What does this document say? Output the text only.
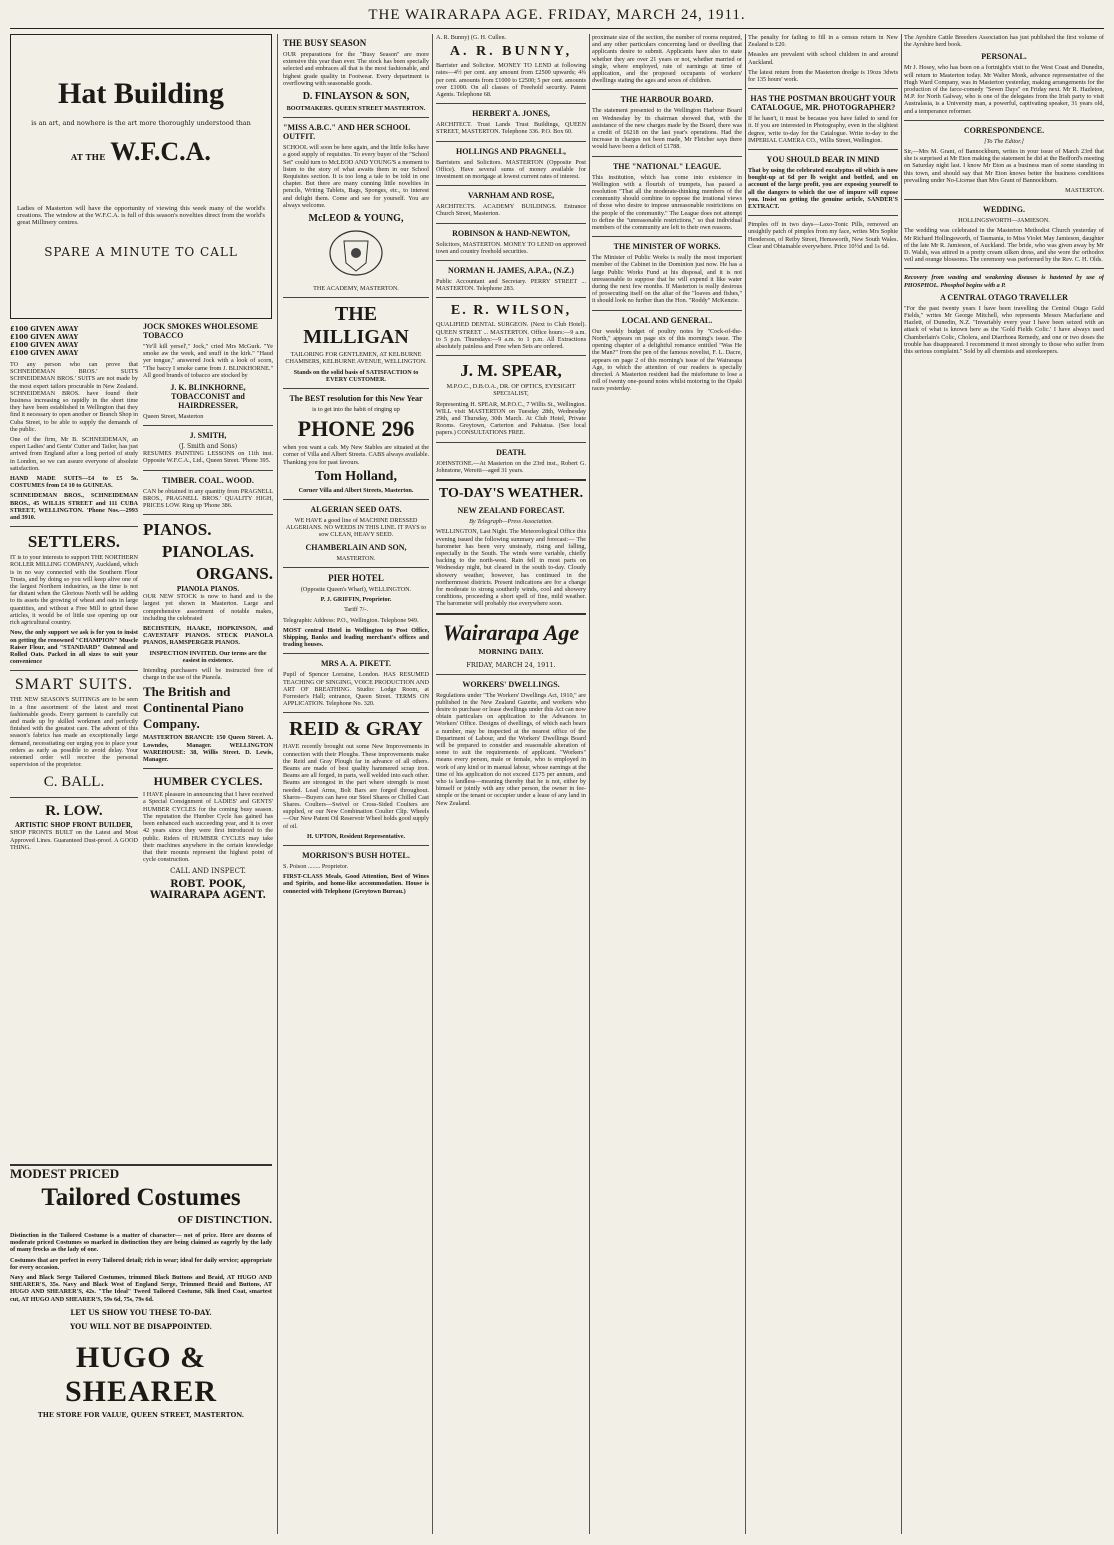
THE WAIRARAPA AGE. FRIDAY, MARCH 24, 1911.
Hat Building
is an art, and nowhere is the art more thoroughly understood than
AT THE W.F.C.A.

Ladies of Masterton will have the opportunity of viewing this week many of the world's creations. The window at the W.F.C.A. is full of this season's novelties direct from the world's great Millinery centres.

SPARE A MINUTE TO CALL
£100 GIVEN AWAY
£100 GIVEN AWAY
£100 GIVEN AWAY
£100 GIVEN AWAY

TO any person who can prove that SCHNEIDEMAN BROS.' SUITS SCHNEIDEMAN BROS.' SUITS are not made by the most expert tailors procurable in New Zealand. SCHNEIDEMAN BROS. have found their business increasing so rapidly in the short time they have been established in Wellington that they find it necessary to open another or Branch Shop in Cuba Street, to be able to supply the demands of the public.

One of the firm, Mr B. SCHNEIDEMAN, an expert Ladies' and Gents' Cutter and Tailor, has just arrived from England after a long period of study in London, so we can assure everyone of absolute satisfaction.

HAND MADE SUITS—£4 to £5 5s. COSTUMES from £4 10 to GUINEAS.

SCHNEIDEMAN BROS., SCHNEIDEMAN BROS., 45 WILLIS STREET and 111 CUBA STREET, WELLINGTON. 'Phone Nos.—2993 and 3910.

SETTLERS.

IT is to your interests to support THE NORTHERN ROLLER MILLING COMPANY, Auckland, which is in no way connected with the Southern Flour Trusts, and by doing so you will keep alive one of the largest Northern industries, as the time is not far distant when the Glorious North will be adding to its assets the growing of wheat and oats in large quantities, and without a Free Mill to grind these articles, it would be of little use opening up our rich agricultural country.

Now, the only support we ask is for you to insist on getting the renowned "CHAMPION" Muscle Raiser Flour, and "STANDARD" Oatmeal and Rolled Oats. Packed in all sizes to suit your convenience

SMART SUITS.

THE NEW SEASON'S SUITINGS are to be seen in a fine assortment of the latest and most fashionable goods. Every garment is carefully cut and made up by skilled workmen and perfectly finished with the greatest care. The advent of this season's fabrics has made an exceptionally large demand, necessitating our urging you to place your orders as early as possible to avoid delay. Your esteemed order will receive the personal supervision of the proprietor.

C. BALL.
R. LOW.
ARTISTIC SHOP FRONT BUILDER,

SHOP FRONTS BUILT on the Latest and Most Approved Lines. Guaranteed Dust-proof. A GOOD THING.

MODEST PRICED
Tailored Costumes
OF DISTINCTION.

Distinction in the Tailored Costume is a matter of character— not of price. Here are dozens of moderate priced Costumes so marked in distinction they are being claimed as eagerly by the lady of many frocks as the lady of one.

Costumes that are perfect in every Tailored detail; rich in wear; ideal for daily service; appropriate for every occasion.

Navy and Black Serge Tailored Costumes, trimmed Black Buttons and Braid, AT HUGO AND SHEARER'S, 35s. Navy and Black West of England Serge, Trimmed Braid and Buttons, AT HUGO AND SHEARER'S, 42s. "The Ideal" Tweed Tailored Costume, Silk lined Coat, smartest cut, AT HUGO AND SHEARER'S, 59s 6d, 75s, 79s 6d.

LET US SHOW YOU THESE TO-DAY.
YOU WILL NOT BE DISAPPOINTED.
HUGO & SHEARER
THE STORE FOR VALUE, QUEEN STREET, MASTERTON.
JOCK SMOKES WHOLESOME TOBACCO

"Ye'll kill yersel'," Jock," cried Mrs McGurk. "Ye smoke aw the week, and snuff in the kirk." "Haud yer tongue," answered Jock with a look of scorn, "The baccy I smoke came from J. BLINKHORNE." All good brands of tobacco are stocked by

J. K. BLINKHORNE, TOBACCONIST and HAIRDRESSER,

Queen Street, Masterton

J. SMITH,
(J. Smith and Sons)

RESUMES PAINTING LESSONS on 11th inst. Opposite W.F.C.A., Ltd., Queen Street. 'Phone 395.

TIMBER. COAL. WOOD.

CAN be obtained in any quantity from PRAGNELL BROS., PRAGNELL BROS.' QUALITY HIGH, PRICES LOW. Ring up 'Phone 386.

PIANOS.
PIANOLAS.
ORGANS.
PIANOLA PIANOS.

OUR NEW STOCK is now to hand and is the largest yet shown in Masterton. Large and comprehensive assortment of notable makes, including the celebrated

BECHSTEIN, HAAKE, HOPKINSON, and CAVESTAFF PIANOS. STECK PIANOLA PIANOS, RAMSPERGER PIANOS.

INSPECTION INVITED. Our terms are the easiest in existence.

Intending purchasers will be instructed free of charge in the use of the Pianola.

The British and Continental Piano Company.

MASTERTON BRANCH: 150 Queen Street. A. Lowndes, Manager. WELLINGTON WAREHOUSE: 38, Willis Street. D. Lewis, Manager.

HUMBER CYCLES.

I HAVE pleasure in announcing that I have received a Special Consignment of LADIES' and GENTS' HUMBER CYCLES for the coming busy season. The reputation the Humber Cycle has gained has been enhanced each succeeding year, and it is over 42 years since they were first introduced to the public. Riders of HUMBER CYCLES may take their machines anywhere in the certain knowledge that their mounts represent the highest point of cycle construction.

CALL AND INSPECT.
ROBT. POOK, WAIRARAPA AGENT.
THE BUSY SEASON

OUR preparations for the "Busy Season" are more extensive this year than ever. The stock has been specially selected and embraces all that is the most fashionable, and highest grade quality in Footwear. Every department is overflowing with seasonable goods.

D. FINLAYSON & SON,

BOOTMAKERS. QUEEN STREET MASTERTON.

"MISS A.B.C." AND HER SCHOOL OUTFIT.

SCHOOL will soon be here again, and the little folks have a good supply of requisites. To every buyer of the "School Set" could turn to McLEOD AND YOUNG'S a moment to listen to the story of what awaits them in our School Requisites section. It is too long a tale to be told in one chapter. But there are many cunning little novelties in pencils, Writing Tablets, Bags, Sponges, etc., to interest and delight them. Come and see for yourself. You are always welcome.

McLEOD & YOUNG,

THE ACADEMY, MASTERTON.

THE MILLIGAN

TAILORING FOR GENTLEMEN, AT KELBURNE CHAMBERS, KELBURNE AVENUE, WELLINGTON.

Stands on the solid basis of SATISFACTION to EVERY CUSTOMER.

The BEST resolution for this New Year

is to get into the habit of ringing up

PHONE 296

when you want a cab. My New Stables are situated at the corner of Villa and Albert Streets. CABS always available. Thanking you for past favours.

Tom Holland,

Corner Villa and Albert Streets, Masterton.

ALGERIAN SEED OATS.

WE HAVE a good line of MACHINE DRESSED ALGERIANS. NO WEEDS IN THIS LINE. IT PAYS to sow CLEAN, HEAVY SEED.

CHAMBERLAIN AND SON,

MASTERTON.

PIER HOTEL

(Opposite Queen's Wharf), WELLINGTON.

P. J. GRIFFIN, Proprietor.

Tariff 7/-.

Telegraphic Address: P.O., Wellington. Telephone 949.

MOST central Hotel in Wellington to Post Office, Shipping, Banks and leading merchant's offices and trading houses.

MRS A. A. PIKETT.

Pupil of Spencer Lorraine, London. HAS RESUMED TEACHING OF SINGING, VOICE PRODUCTION AND ART OF BREATHING. Studio: Lodge Room, at Forrester's Hall; entrance, Queen Street. TERMS ON APPLICATION. Telephone No. 320.

REID & GRAY

HAVE recently brought out some New Improvements in connection with their Ploughs. These improvements make the Reid and Gray Plough far in advance of all others. Beams are made of best quality hammered scrap iron. Beams are all forged, in parts, well welded into each other. Beams are strongest in the part where strength is most needed. Lead Arms, Bolt Bars are forged throughout. Sharos—Buyers can have our Steel Shares or Chilled Cast Shares. Coulters—Swivel or Cross-Sided Coulters are supplied, or our New Combination Coulter Clip. Wheels—Our New Patent Oil Reservoir Wheel holds good supply of oil.

H. UPTON, Resident Representative.

MORRISON'S BUSH HOTEL.

S. Poison ........ Proprietor.

FIRST-CLASS Meals, Good Attention, Best of Wines and Spirits, and home-like accommodation. House is connected with Telephone (Greytown Bureau.)

A. R. Bunny) (G. H. Cullen.

A. R. BUNNY,

Barrister and Solicitor. MONEY TO LEND at following rates—4½ per cent. any amount from £2500 upwards; 4¾ per cent. amounts from £1000 to £2500; 5 per cent. amounts over £1000. On all classes of Freehold security. Patent Agents. Telephone 68.

HERBERT A. JONES,

ARCHITECT. Trust Lands Trust Buildings, QUEEN STREET, MASTERTON. Telephone 336. P.O. Box 60.

HOLLINGS AND PRAGNELL,

Barristers and Solicitors. MASTERTON (Opposite Post Office). Have several sums of money available for investment on mortgage at lowest current rates of interest.

VARNHAM AND ROSE,

ARCHITECTS. ACADEMY BUILDINGS. Entrance Church Street, Masterton.

ROBINSON & HAND-NEWTON,

Solicitors, MASTERTON. MONEY TO LEND on approved town and country freehold securities.

NORMAN H. JAMES, A.P.A., (N.Z.)

Public Accountant and Secretary. PERRY STREET ... MASTERTON. Telephone 283.

E. R. WILSON,

QUALIFIED DENTAL SURGEON. (Next to Club Hotel). QUEEN STREET ... MASTERTON. Office hours:—9 a.m. to 5 p.m. Thursdays:—9 a.m. to 1 p.m. All Extractions absolutely painless and Free when Sets are ordered.

J. M. SPEAR,

M.P.O.C., D.B.O.A., DR. OF OPTICS, EYESIGHT SPECIALIST,

Representing H. SPEAR, M.P.O.C., 7 Willis St., Wellington. WILL visit MASTERTON on Tuesday 28th, Wednesday 29th, and Thursday, 30th March. At Club Hotel, Private Rooms. Greytown, Carterton and Pahiatua. (See local papers.) CONSULTATIONS FREE.

DEATH.

JOHNSTONE.—At Masterton on the 23rd inst., Robert G. Johnstone, Wereiti—aged 31 years.

TO-DAY'S WEATHER.
NEW ZEALAND FORECAST.

By Telegraph—Press Association.

WELLINGTON, Last Night. The Meteorological Office this evening issued the following summary and forecast:— The barometer has been very unsteady, rising and falling, especially in the South. The winds were variable, chiefly backing to the north-west. Rain fell in most parts on Wednesday night, but cleared in the south to-day. Cloudy showery weather, however, has continued in the northernmost districts. Present indications are for a change for moderate to strong southerly winds, cool and showery conditions, proceeding a short spell of fine, mild weather. The barometer will probably rise everywhere soon.

Wairarapa Age
MORNING DAILY.
FRIDAY, MARCH 24, 1911.
WORKERS' DWELLINGS.

Regulations under "The Workers' Dwellings Act, 1910," are published in the New Zealand Gazette, and workers who desire to purchase or lease dwellings under this Act can now obtain particulars on application to the Advances to Workers' Office. Designs of dwellings, of which each bears a number, may be inspected at the nearest office of the Department of Labour, and the Workers' Dwellings Board will be prepared to consider and reasonable alteration of some to suit the requirements of applicant. "Workers" means every person, male or female, who is employed in work of any kind or in manual labour, whose earnings at the time of his application do not exceed £175 per annum, and who is landless—meaning thereby that he is not, either by himself or jointly with any other person, the owner in fee-simple or the tenant or occupier under a lease of any land in New Zealand.

proximate size of the section, the number of rooms required, and any other particulars concerning land or dwelling that applicants desire to submit. Applicants have also to state whether they are over 21 years or not, whether married or single, where employed, rate of earnings at time of application, and the proposed occupants of workers' dwellings stating the ages and sexes of children.

THE HARBOUR BOARD.

The statement presented to the Wellington Harbour Board on Wednesday by its chairman showed that, with the assistance of the new charges made by the Board, there was a credit of £6218 on the last year's operations. Had the increase in charges not been made, Mr Fletcher says there would have been a deficit of £1788.

THE "NATIONAL" LEAGUE.

This institution, which has come into existence in Wellington with a flourish of trumpets, has passed a resolution "That all the moderate-thinking members of the community should combine to oppose the irrational views of those who desire to impose unreasonable restrictions on the people of the community." The League does not attempt to define the "unreasonable restrictions," so that individual members of the community are left to their own reasons.

THE MINISTER OF WORKS.

The Minister of Public Works is really the most important member of the Cabinet in the Dominion just now. He has a large Public Works Fund at his disposal, and it is not unreasonable to suppose that he will expend it like water during the next few months. If Masterton is really desirous of prosecuting itself on the altar of the "loaves and fishes," it should look no further than the Hon. "Roddy" McKenzie.

LOCAL AND GENERAL.

Our weekly budget of poultry notes by "Cock-of-the-North," appears on page six of this morning's issue. The opening chapter of a delightful romance entitled "Was He the Man?" from the pen of the famous novelist, F. L. Dacre, appears on page 2 of this morning's issue of the Wairarapa Age, to which the attention of our readers is specially directed. A Masterton resident had the misfortune to lose a roll of twenty one-pound notes whilst motoring to the Opaki races yesterday.

The penalty for failing to fill in a census return in New Zealand is £20.

Measles are prevalent with school children in and around Auckland.

The latest return from the Masterton dredge is 19ozs 3dwts for 135 hours' work.

HAS THE POSTMAN BROUGHT YOUR CATALOGUE, MR. PHOTOGRAPHER?

If he hasn't, it must be because you have failed to send for it. If you are interested in Photography, even in the slightest degree, write to-day for the Catalogue. Write to-day to the IMPERIAL CAMERA CO., Willis Street, Wellington.

YOU SHOULD BEAR IN MIND

That by using the celebrated eucalyptus oil which is now bought-up at 6d per lb weight and bottled, and on account of the large profit, you are exposing yourself to all the dangers to which the use of impure will expose you. Insist on getting the genuine article, SANDER'S EXTRACT.

Pimples off in two days—Laxo-Tonic Pills, removed an unsightly patch of pimples from my face, writes Mrs Sophie Henderson, of Reiby Street, Hemsworth, New South Wales. Clear and Obtainable everywhere. Price 10½d and 1s 6d.

The Ayrshire Cattle Breeders Association has just published the first volume of the Ayrshire herd book.

PERSONAL.

Mr J. Hosey, who has been on a fortnight's visit to the West Coast and Dunedin, will return to Masterton today. Mr Walter Monk, advance representative of the Hugh Ward Company, was in Masterton yesterday, making arrangements for the production of the farce-comedy "Seven Days" on Friday next. Mr R. Hazleton, M.P. for North Galway, who is one of the delegates from the Irish party to visit Australasia, is a University man, a powerful, captivating speaker, 31 years old, and a temperance reformer.

CORRESPONDENCE.

[To The Editor.]

Sir,—Mrs M. Grant, of Bannockburn, writes in your issue of March 23rd that she is surprised at Mr Eton making the statement he did at the Bedford's meeting on Saturday night last. I know Mr Eton as a business man of some standing in this town, and should say that Mr Eton knows better the business conditions prevailing under No-License than Mrs Grant of Bannockburn.

MASTERTON.

WEDDING.

HOLLINGSWORTH—JAMIESON.

The wedding was celebrated in the Masterton Methodist Church yesterday of Mr Richard Hollingsworth, of Tasmania, to Miss Violet May Jamieson, daughter of the late Mr R. Jamieson, of Auckland. The bride, who was given away by Mr D. Walsh, was attired in a pretty cream silken dress, and she wore the orthodox veil and orange blossoms. The ceremony was performed by the Rev. C. H. Olds.

Recovery from wasting and weakening diseases is hastened by use of PHOSPHOL. Phosphol begins with a P.

A CENTRAL OTAGO TRAVELLER

"For the past twenty years I have been travelling the Central Otago Gold Fields," writes Mr George Mitchell, who represents Messrs Macfarlane and Hazlett, of Dunedin, N.Z. "Invariably every year I have been seized with an attack of what is known here as the 'Gold Fields Colic.' I have always used Chamberlain's Colic, Cholera, and Diarrhoea Remedy, and one or two doses the trouble has disappeared. I recommend it most strongly to those who suffer from this serious complaint." Sold by all chemists and storekeepers.
